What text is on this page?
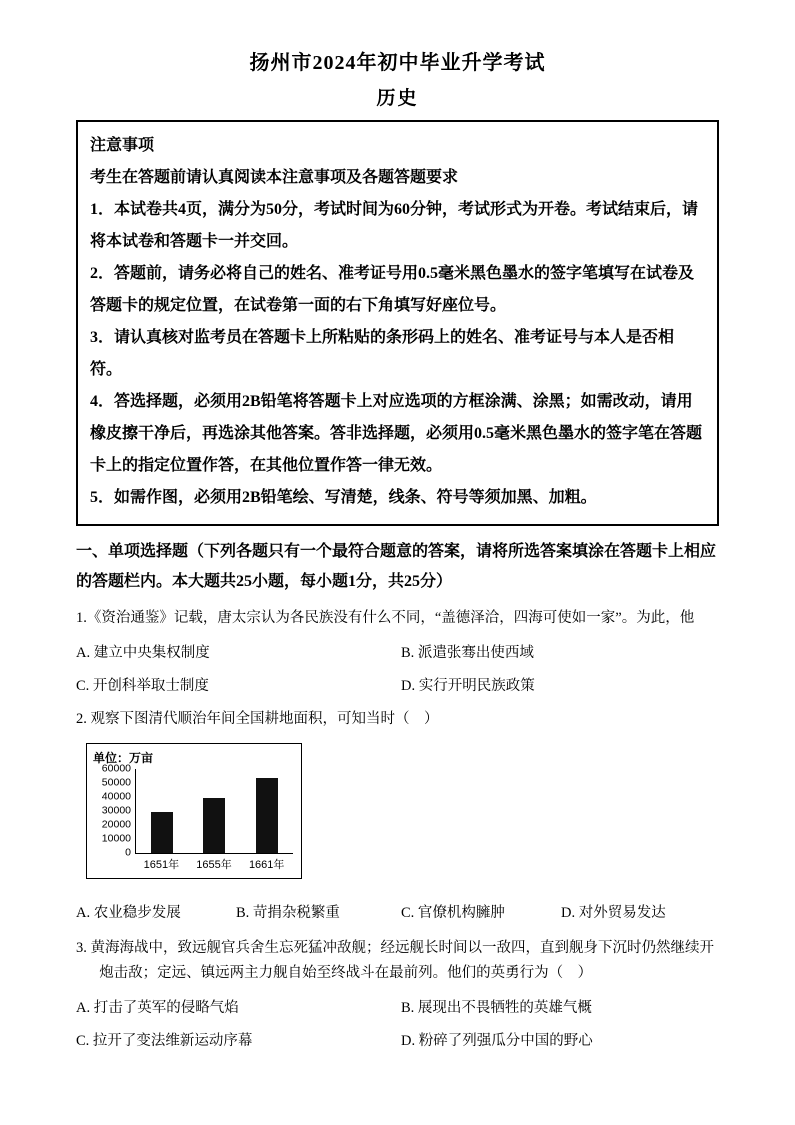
扬州市2024年初中毕业升学考试
历史

注意事项

考生在答题前请认真阅读本注意事项及各题答题要求

1．本试卷共4页，满分为50分，考试时间为60分钟，考试形式为开卷。考试结束后，请将本试卷和答题卡一并交回。

2．答题前，请务必将自己的姓名、准考证号用0.5毫米黑色墨水的签字笔填写在试卷及答题卡的规定位置，在试卷第一面的右下角填写好座位号。

3．请认真核对监考员在答题卡上所粘贴的条形码上的姓名、准考证号与本人是否相符。

4．答选择题，必须用2B铅笔将答题卡上对应选项的方框涂满、涂黑；如需改动，请用橡皮擦干净后，再选涂其他答案。答非选择题，必须用0.5毫米黑色墨水的签字笔在答题卡上的指定位置作答，在其他位置作答一律无效。

5．如需作图，必须用2B铅笔绘、写清楚，线条、符号等须加黑、加粗。

一、单项选择题（下列各题只有一个最符合题意的答案，请将所选答案填涂在答题卡上相应的答题栏内。本大题共25小题，每小题1分，共25分）
1.《资治通鉴》记载，唐太宗认为各民族没有什么不同，“盖德泽洽，四海可使如一家”。为此，他
A. 建立中央集权制度	B. 派遣张骞出使西域
C. 开创科举取士制度	D. 实行开明民族政策
2. 观察下图清代顺治年间全国耕地面积，可知当时（　）
单位：万亩
0
10000
20000
30000
40000
50000
60000
1651年	1655年	1661年
A. 农业稳步发展	B. 苛捐杂税繁重	C. 官僚机构臃肿	D. 对外贸易发达
3. 黄海海战中，致远舰官兵舍生忘死猛冲敌舰；经远舰长时间以一敌四，直到舰身下沉时仍然继续开炮击敌；定远、镇远两主力舰自始至终战斗在最前列。他们的英勇行为（　）
A. 打击了英军的侵略气焰	B. 展现出不畏牺牲的英雄气概
C. 拉开了变法维新运动序幕	D. 粉碎了列强瓜分中国的野心
